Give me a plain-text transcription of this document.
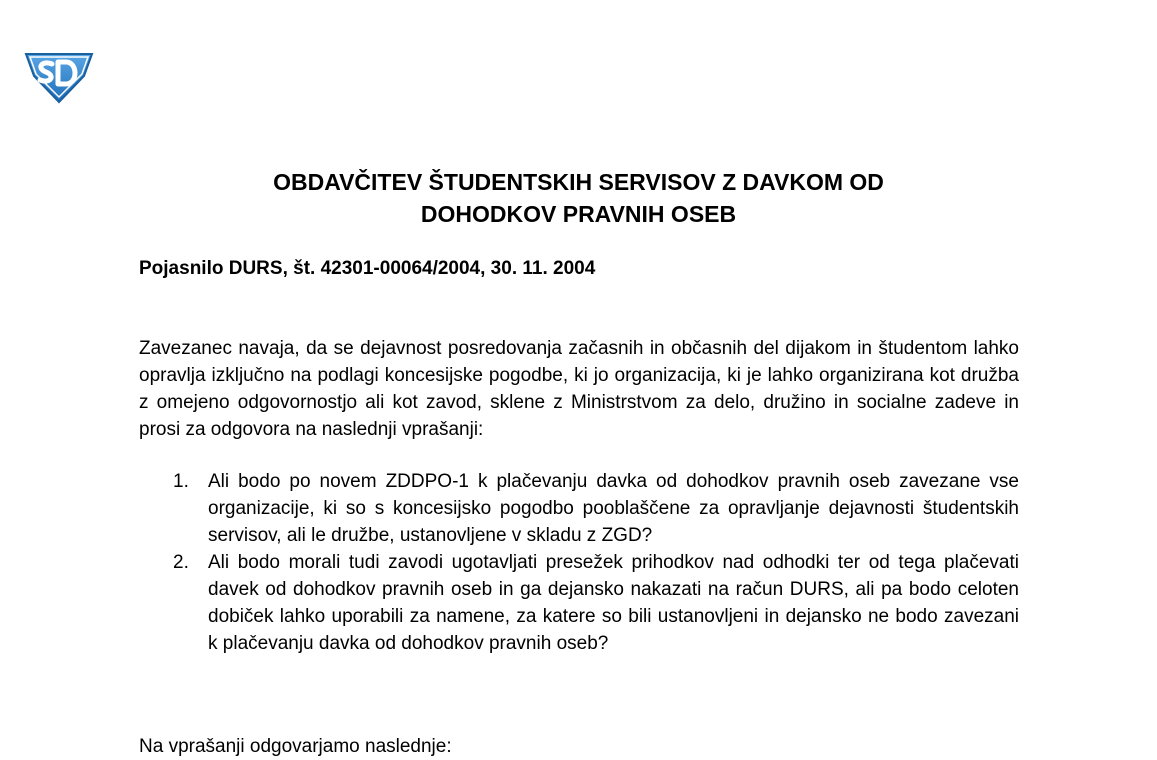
OBDAVČITEV ŠTUDENTSKIH SERVISOV Z DAVKOM OD
DOHODKOV PRAVNIH OSEB
Pojasnilo DURS, št. 42301-00064/2004, 30. 11. 2004

Zavezanec navaja, da se dejavnost posredovanja začasnih in občasnih del dijakom in študentom lahko opravlja izključno na podlagi koncesijske pogodbe, ki jo organizacija, ki je lahko organizirana kot družba z omejeno odgovornostjo ali kot zavod, sklene z Ministrstvom za delo, družino in socialne zadeve in prosi za odgovora na naslednji vprašanji:

1. Ali bodo po novem ZDDPO-1 k plačevanju davka od dohodkov pravnih oseb zavezane vse organizacije, ki so s koncesijsko pogodbo pooblaščene za opravljanje dejavnosti študentskih servisov, ali le družbe, ustanovljene v skladu z ZGD?
2. Ali bodo morali tudi zavodi ugotavljati presežek prihodkov nad odhodki ter od tega plačevati davek od dohodkov pravnih oseb in ga dejansko nakazati na račun DURS, ali pa bodo celoten dobiček lahko uporabili za namene, za katere so bili ustanovljeni in dejansko ne bodo zavezani k plačevanju davka od dohodkov pravnih oseb?
Na vprašanji odgovarjamo naslednje:
